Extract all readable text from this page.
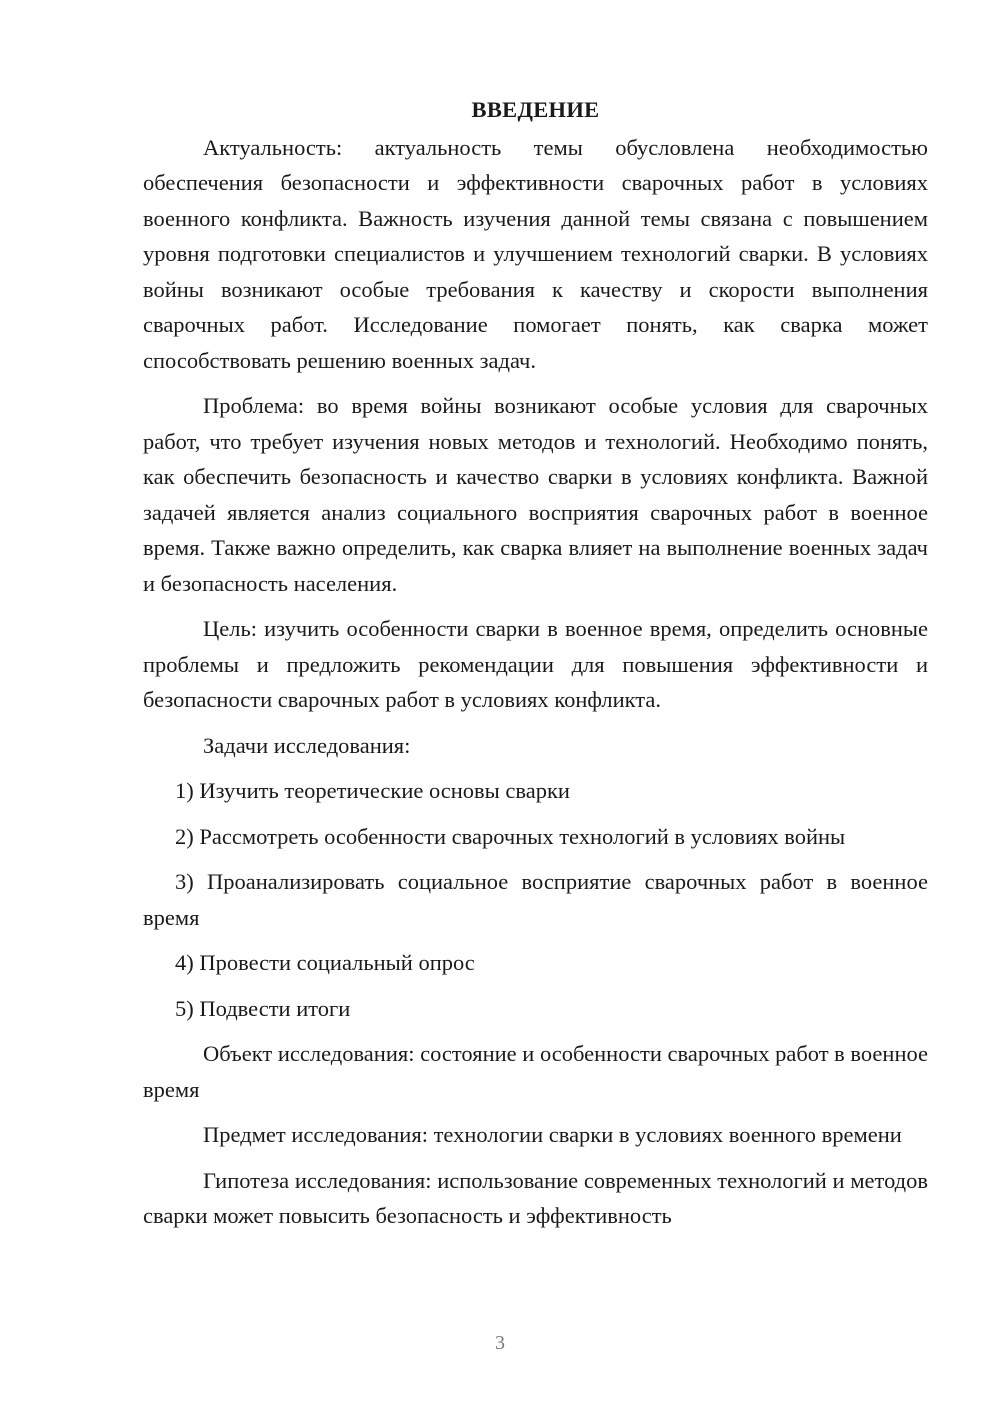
ВВЕДЕНИЕ

Актуальность: актуальность темы обусловлена необходимостью обеспечения безопасности и эффективности сварочных работ в условиях военного конфликта. Важность изучения данной темы связана с повышением уровня подготовки специалистов и улучшением технологий сварки. В условиях войны возникают особые требования к качеству и скорости выполнения сварочных работ. Исследование помогает понять, как сварка может способствовать решению военных задач.

Проблема: во время войны возникают особые условия для сварочных работ, что требует изучения новых методов и технологий. Необходимо понять, как обеспечить безопасность и качество сварки в условиях конфликта. Важной задачей является анализ социального восприятия сварочных работ в военное время. Также важно определить, как сварка влияет на выполнение военных задач и безопасность населения.

Цель: изучить особенности сварки в военное время, определить основные проблемы и предложить рекомендации для повышения эффективности и безопасности сварочных работ в условиях конфликта.

Задачи исследования:

1) Изучить теоретические основы сварки

2) Рассмотреть особенности сварочных технологий в условиях войны

3) Проанализировать социальное восприятие сварочных работ в военное время

4) Провести социальный опрос

5) Подвести итоги

Объект исследования: состояние и особенности сварочных работ в военное время

Предмет исследования: технологии сварки в условиях военного времени

Гипотеза исследования: использование современных технологий и методов сварки может повысить безопасность и эффективность

3
